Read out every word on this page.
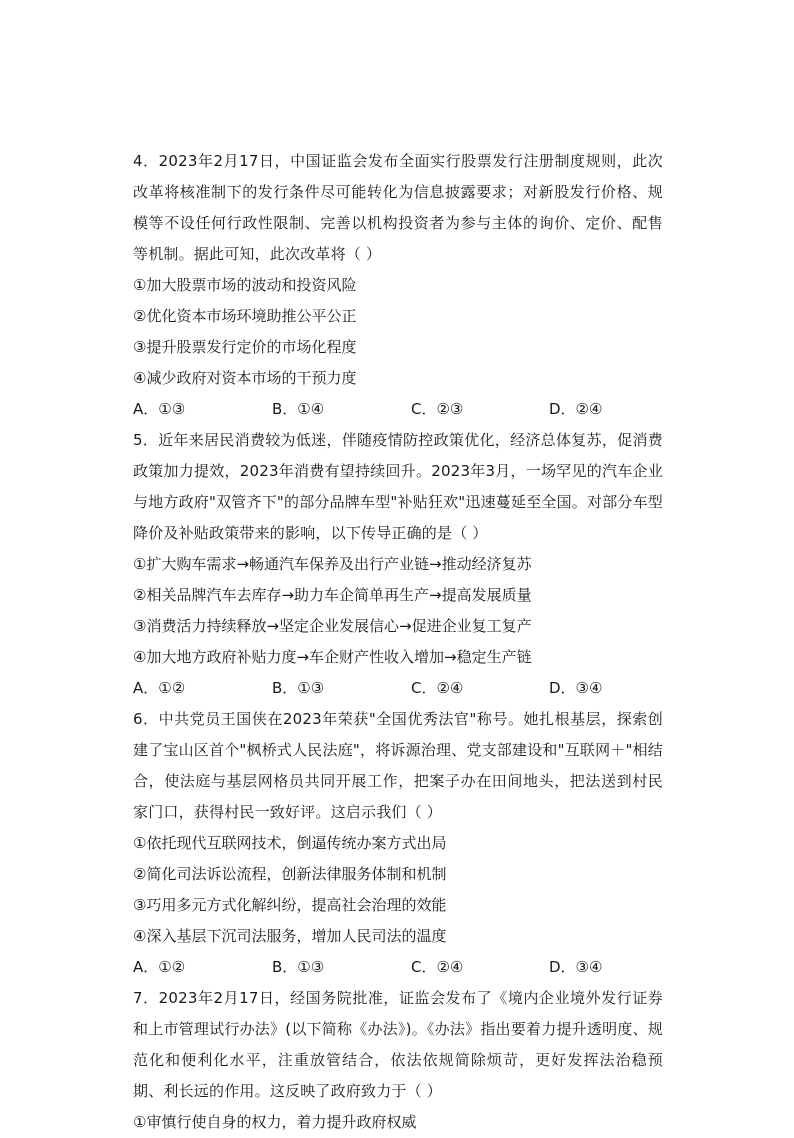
4．2023年2月17日，中国证监会发布全面实行股票发行注册制度规则，此次改革将核准制下的发行条件尽可能转化为信息披露要求；对新股发行价格、规模等不设任何行政性限制、完善以机构投资者为参与主体的询价、定价、配售等机制。据此可知，此次改革将（ ）

①加大股票市场的波动和投资风险

②优化资本市场环境助推公平公正

③提升股票发行定价的市场化程度

④减少政府对资本市场的干预力度

A．①③	B．①④	C．②③	D．②④

5．近年来居民消费较为低迷，伴随疫情防控政策优化，经济总体复苏，促消费政策加力提效，2023年消费有望持续回升。2023年3月，一场罕见的汽车企业与地方政府"双管齐下"的部分品牌车型"补贴狂欢"迅速蔓延至全国。对部分车型降价及补贴政策带来的影响，以下传导正确的是（ ）

①扩大购车需求→畅通汽车保养及出行产业链→推动经济复苏

②相关品牌汽车去库存→助力车企简单再生产→提高发展质量

③消费活力持续释放→坚定企业发展信心→促进企业复工复产

④加大地方政府补贴力度→车企财产性收入增加→稳定生产链

A．①②	B．①③	C．②④	D．③④

6．中共党员王国侠在2023年荣获"全国优秀法官"称号。她扎根基层，探索创建了宝山区首个"枫桥式人民法庭"，将诉源治理、党支部建设和"互联网＋"相结合，使法庭与基层网格员共同开展工作，把案子办在田间地头，把法送到村民家门口，获得村民一致好评。这启示我们（ ）

①依托现代互联网技术，倒逼传统办案方式出局

②简化司法诉讼流程，创新法律服务体制和机制

③巧用多元方式化解纠纷，提高社会治理的效能

④深入基层下沉司法服务，增加人民司法的温度

A．①②	B．①③	C．②④	D．③④

7．2023年2月17日，经国务院批准，证监会发布了《境内企业境外发行证券和上市管理试行办法》(以下简称《办法》)。《办法》指出要着力提升透明度、规范化和便利化水平，注重放管结合，依法依规简除烦苛，更好发挥法治稳预期、利长远的作用。这反映了政府致力于（ ）

①审慎行使自身的权力，着力提升政府权威
